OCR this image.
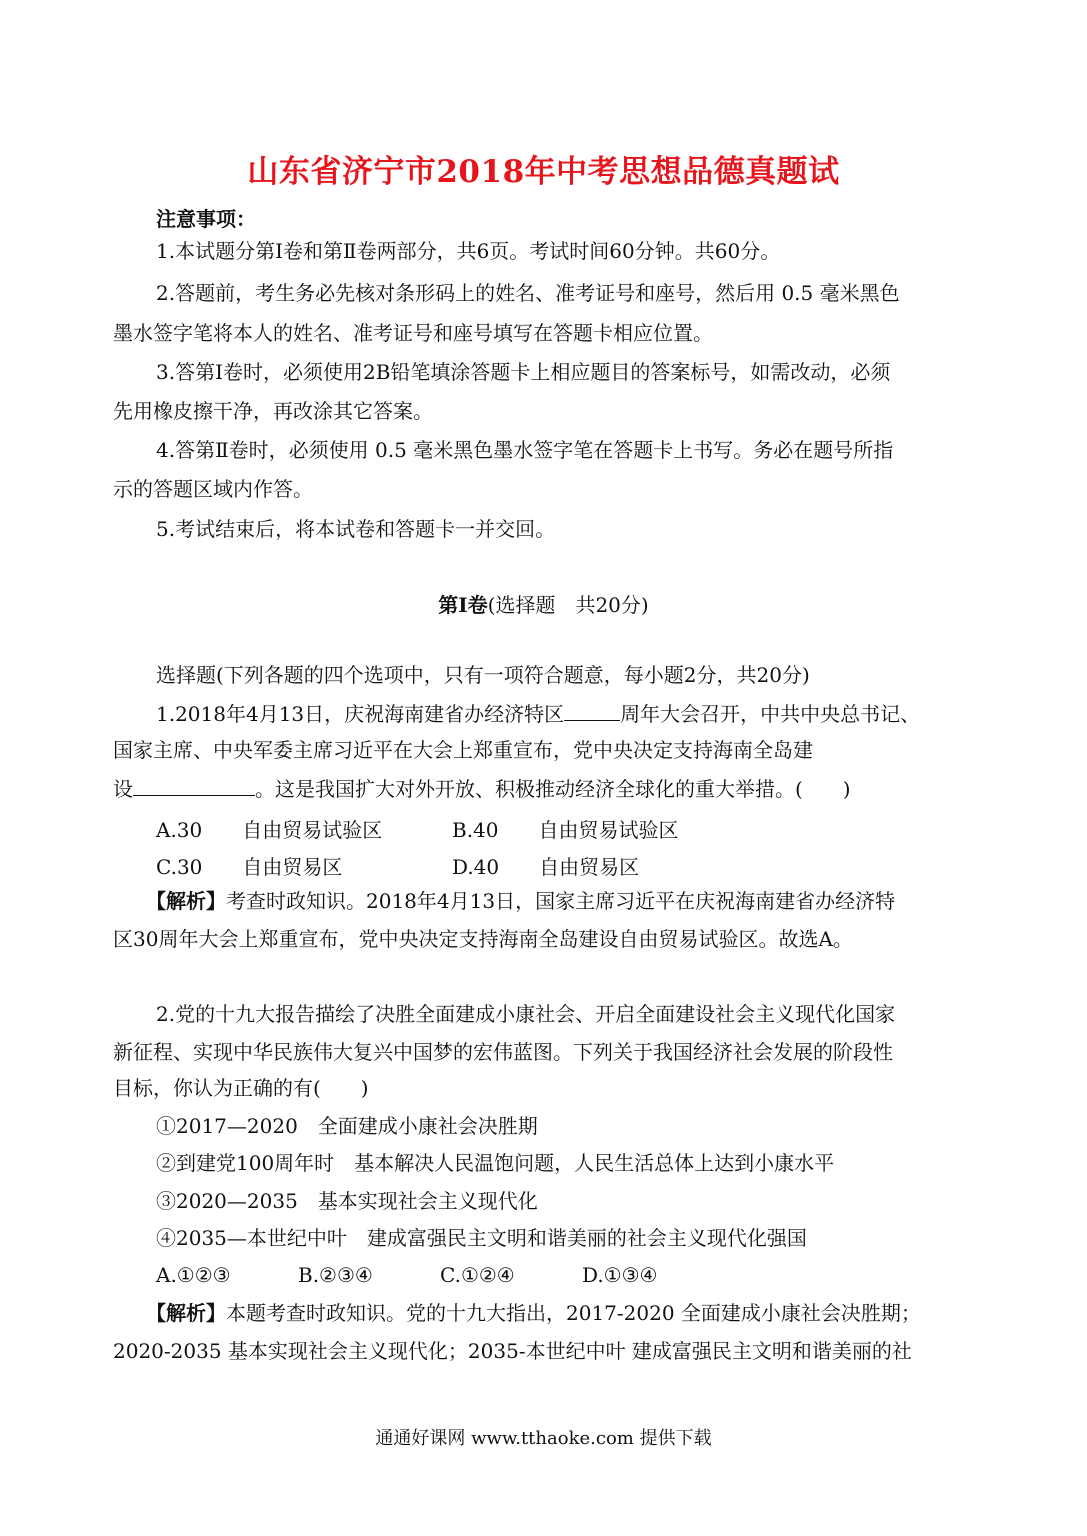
山东省济宁市2018年中考思想品德真题试
注意事项：
1.本试题分第Ⅰ卷和第Ⅱ卷两部分，共6页。考试时间60分钟。共60分。
2.答题前，考生务必先核对条形码上的姓名、准考证号和座号，然后用 0.5 毫米黑色
墨水签字笔将本人的姓名、准考证号和座号填写在答题卡相应位置。
3.答第Ⅰ卷时，必须使用2B铅笔填涂答题卡上相应题目的答案标号，如需改动，必须
先用橡皮擦干净，再改涂其它答案。
4.答第Ⅱ卷时，必须使用 0.5 毫米黑色墨水签字笔在答题卡上书写。务必在题号所指
示的答题区域内作答。
5.考试结束后，将本试卷和答题卡一并交回。
第Ⅰ卷(选择题　共20分)
选择题(下列各题的四个选项中，只有一项符合题意，每小题2分，共20分)
1.2018年4月13日，庆祝海南建省办经济特区	周年大会召开，中共中央总书记、
国家主席、中央军委主席习近平在大会上郑重宣布，党中央决定支持海南全岛建
设	。这是我国扩大对外开放、积极推动经济全球化的重大举措。(　　)
A.30　　自由贸易试验区	B.40　　自由贸易试验区
C.30　　自由贸易区	D.40　　自由贸易区
【解析】考查时政知识。2018年4月13日，国家主席习近平在庆祝海南建省办经济特
区30周年大会上郑重宣布，党中央决定支持海南全岛建设自由贸易试验区。故选A。
2.党的十九大报告描绘了决胜全面建成小康社会、开启全面建设社会主义现代化国家
新征程、实现中华民族伟大复兴中国梦的宏伟蓝图。下列关于我国经济社会发展的阶段性
目标，你认为正确的有(　　)
①2017—2020　全面建成小康社会决胜期
②到建党100周年时　基本解决人民温饱问题，人民生活总体上达到小康水平
③2020—2035　基本实现社会主义现代化
④2035—本世纪中叶　建成富强民主文明和谐美丽的社会主义现代化强国
A.①②③	B.②③④	C.①②④	D.①③④
【解析】本题考查时政知识。党的十九大指出，2017-2020 全面建成小康社会决胜期；
2020-2035 基本实现社会主义现代化；2035-本世纪中叶 建成富强民主文明和谐美丽的社
通通好课网 www.tthaoke.com 提供下载
